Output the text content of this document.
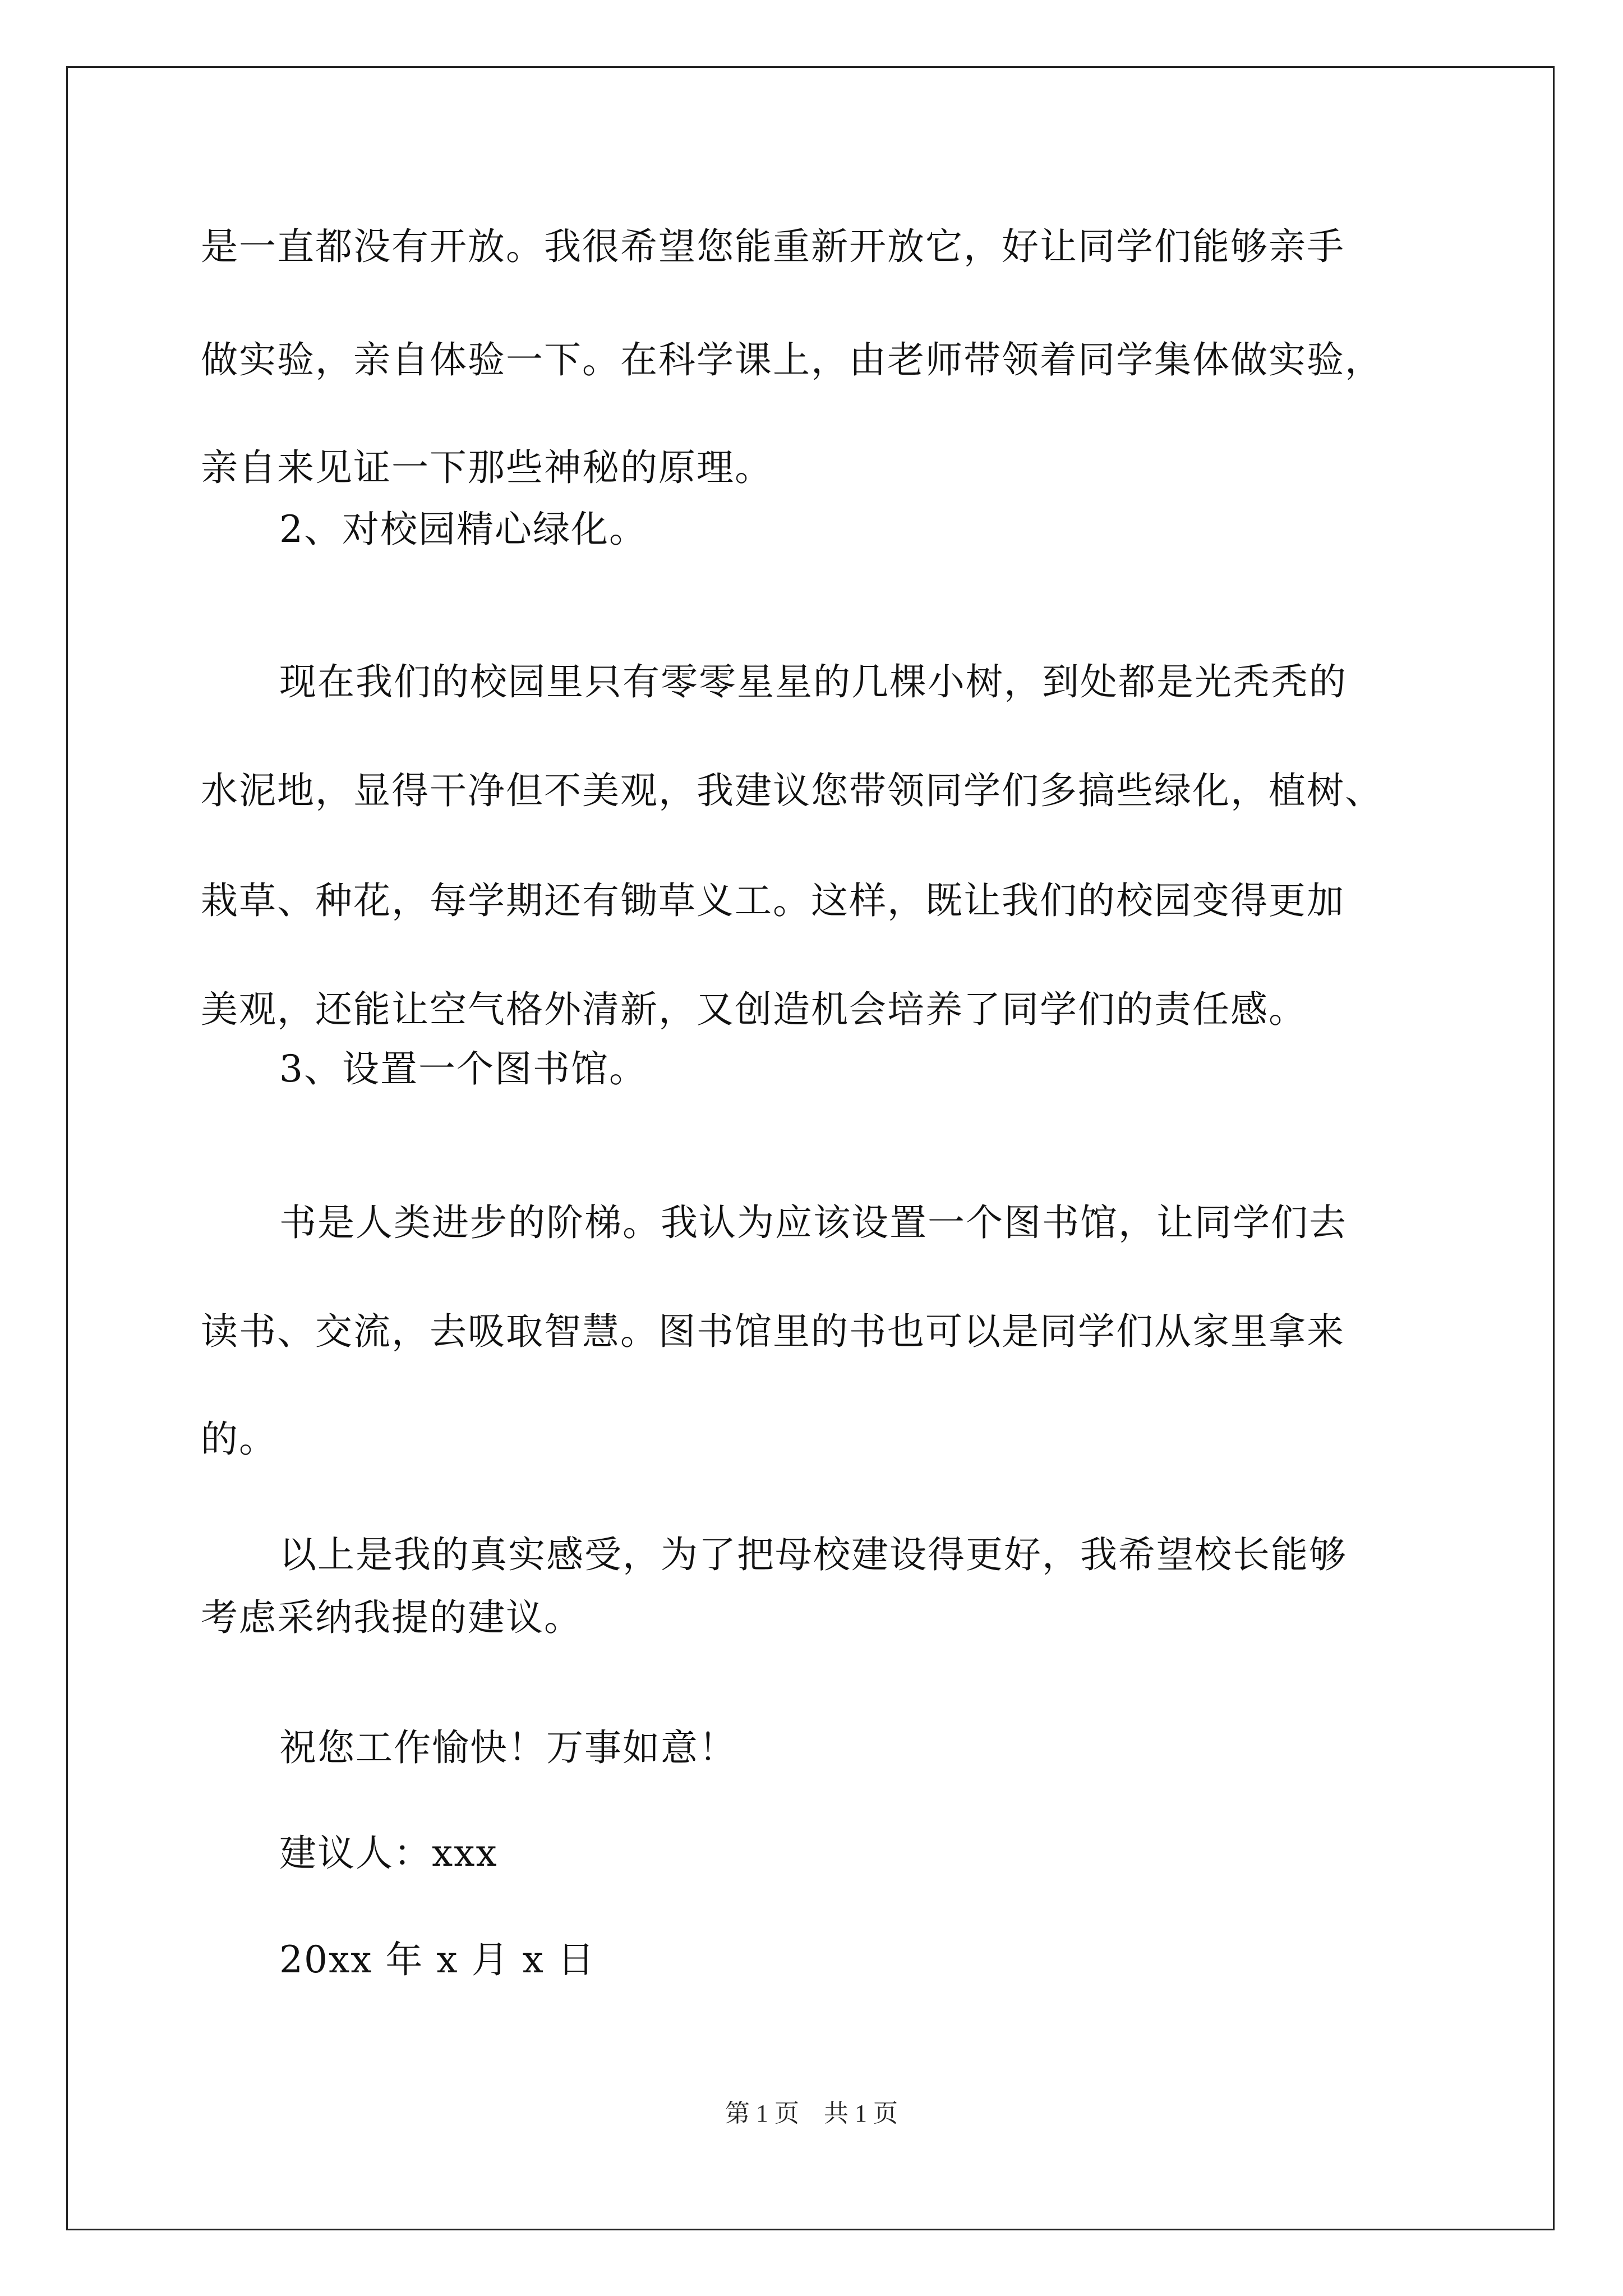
是一直都没有开放。我很希望您能重新开放它，好让同学们能够亲手
做实验，亲自体验一下。在科学课上，由老师带领着同学集体做实验，
亲自来见证一下那些神秘的原理。
2、对校园精心绿化。
现在我们的校园里只有零零星星的几棵小树，到处都是光秃秃的
水泥地，显得干净但不美观，我建议您带领同学们多搞些绿化，植树、
栽草、种花，每学期还有锄草义工。这样，既让我们的校园变得更加
美观，还能让空气格外清新，又创造机会培养了同学们的责任感。
3、设置一个图书馆。
书是人类进步的阶梯。我认为应该设置一个图书馆，让同学们去
读书、交流，去吸取智慧。图书馆里的书也可以是同学们从家里拿来
的。
以上是我的真实感受，为了把母校建设得更好，我希望校长能够
考虑采纳我提的建议。
祝您工作愉快！万事如意！
建议人：xxx
20xx 年 x 月 x 日
第 1 页　共 1 页
